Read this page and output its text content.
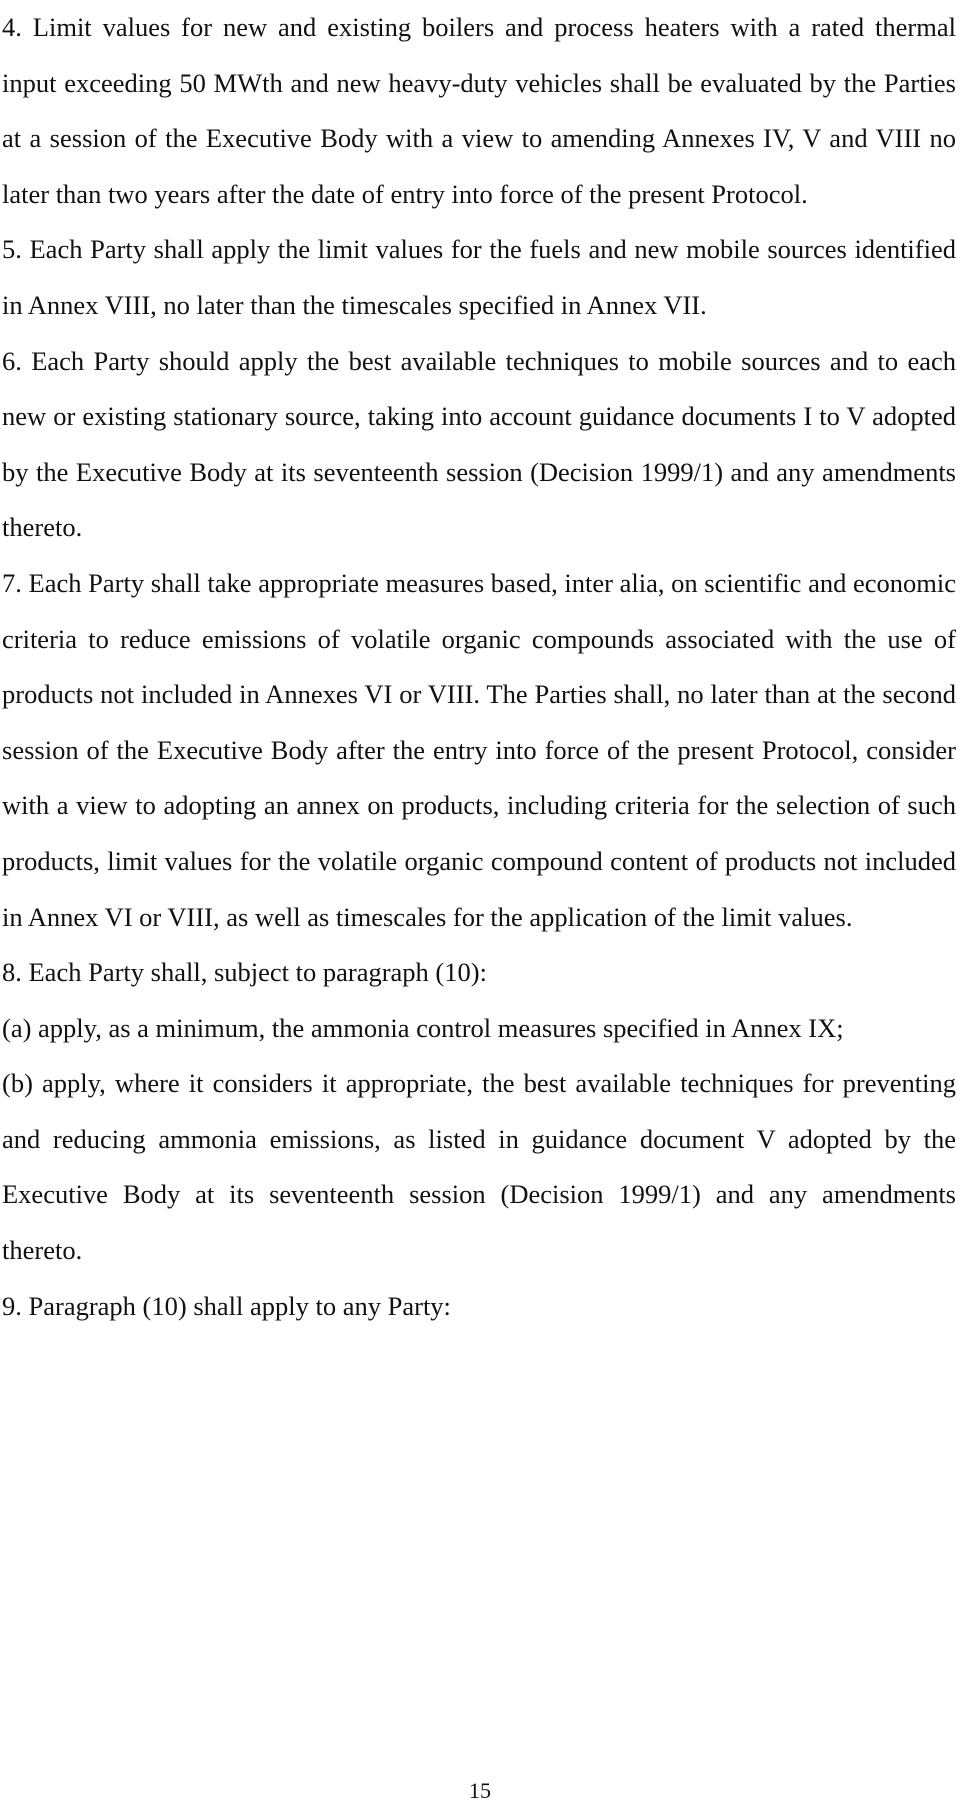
4. Limit values for new and existing boilers and process heaters with a rated thermal input exceeding 50 MWth and new heavy-duty vehicles shall be evaluated by the Parties at a session of the Executive Body with a view to amending Annexes IV, V and VIII no later than two years after the date of entry into force of the present Protocol.

5. Each Party shall apply the limit values for the fuels and new mobile sources identified in Annex VIII, no later than the timescales specified in Annex VII.

6. Each Party should apply the best available techniques to mobile sources and to each new or existing stationary source, taking into account guidance documents I to V adopted by the Executive Body at its seventeenth session (Decision 1999/1) and any amendments thereto.

7. Each Party shall take appropriate measures based, inter alia, on scientific and economic criteria to reduce emissions of volatile organic compounds associated with the use of products not included in Annexes VI or VIII. The Parties shall, no later than at the second session of the Executive Body after the entry into force of the present Protocol, consider with a view to adopting an annex on products, including criteria for the selection of such products, limit values for the volatile organic compound content of products not included in Annex VI or VIII, as well as timescales for the application of the limit values.

8. Each Party shall, subject to paragraph (10):

(a) apply, as a minimum, the ammonia control measures specified in Annex IX;

(b) apply, where it considers it appropriate, the best available techniques for preventing and reducing ammonia emissions, as listed in guidance document V adopted by the Executive Body at its seventeenth session (Decision 1999/1) and any amendments thereto.

9. Paragraph (10) shall apply to any Party:

15
